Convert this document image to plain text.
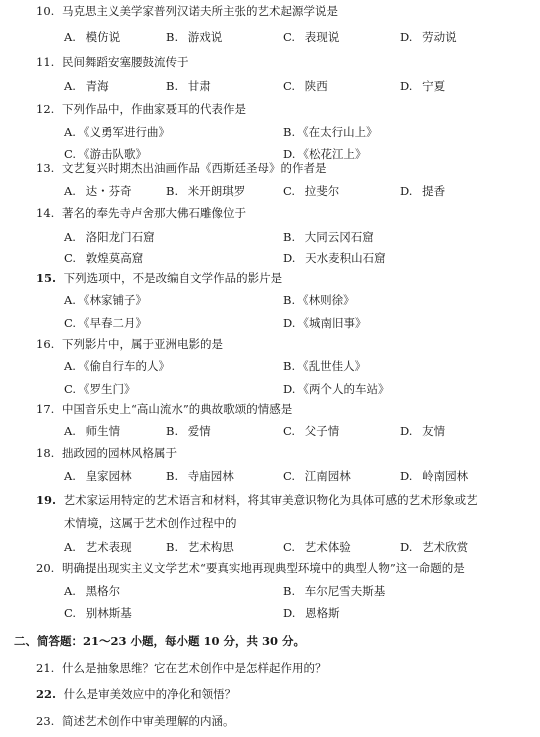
10. 马克思主义美学家普列汉诺夫所主张的艺术起源学说是
A. 模仿说	B. 游戏说	C. 表现说	D. 劳动说
11. 民间舞蹈安塞腰鼓流传于
A. 青海	B. 甘肃	C. 陕西	D. 宁夏
12. 下列作品中，作曲家聂耳的代表作是
A. 《义勇军进行曲》	B. 《在太行山上》
C. 《游击队歌》	D. 《松花江上》
13. 文艺复兴时期杰出油画作品《西斯廷圣母》的作者是
A. 达・芬奇	B. 米开朗琪罗	C. 拉斐尔	D. 提香
14. 著名的奉先寺卢舍那大佛石雕像位于
A. 洛阳龙门石窟	B. 大同云冈石窟
C. 敦煌莫高窟	D. 天水麦积山石窟
15. 下列选项中，不是改编自文学作品的影片是
A. 《林家铺子》	B. 《林则徐》
C. 《早春二月》	D. 《城南旧事》
16. 下列影片中，属于亚洲电影的是
A. 《偷自行车的人》	B. 《乱世佳人》
C. 《罗生门》	D. 《两个人的车站》
17. 中国音乐史上“高山流水”的典故歌颂的情感是
A. 师生情	B. 爱情	C. 父子情	D. 友情
18. 拙政园的园林风格属于
A. 皇家园林	B. 寺庙园林	C. 江南园林	D. 岭南园林
19. 艺术家运用特定的艺术语言和材料，将其审美意识物化为具体可感的艺术形象或艺
术情境，这属于艺术创作过程中的
A. 艺术表现	B. 艺术构思	C. 艺术体验	D. 艺术欣赏
20. 明确提出现实主义文学艺术“要真实地再现典型环境中的典型人物”这一命题的是
A. 黑格尔	B. 车尔尼雪夫斯基
C. 别林斯基	D. 恩格斯
二、简答题：21～23 小题，每小题 10 分，共 30 分。
21. 什么是抽象思维？它在艺术创作中是怎样起作用的？
22. 什么是审美效应中的净化和领悟？
23. 简述艺术创作中审美理解的内涵。
